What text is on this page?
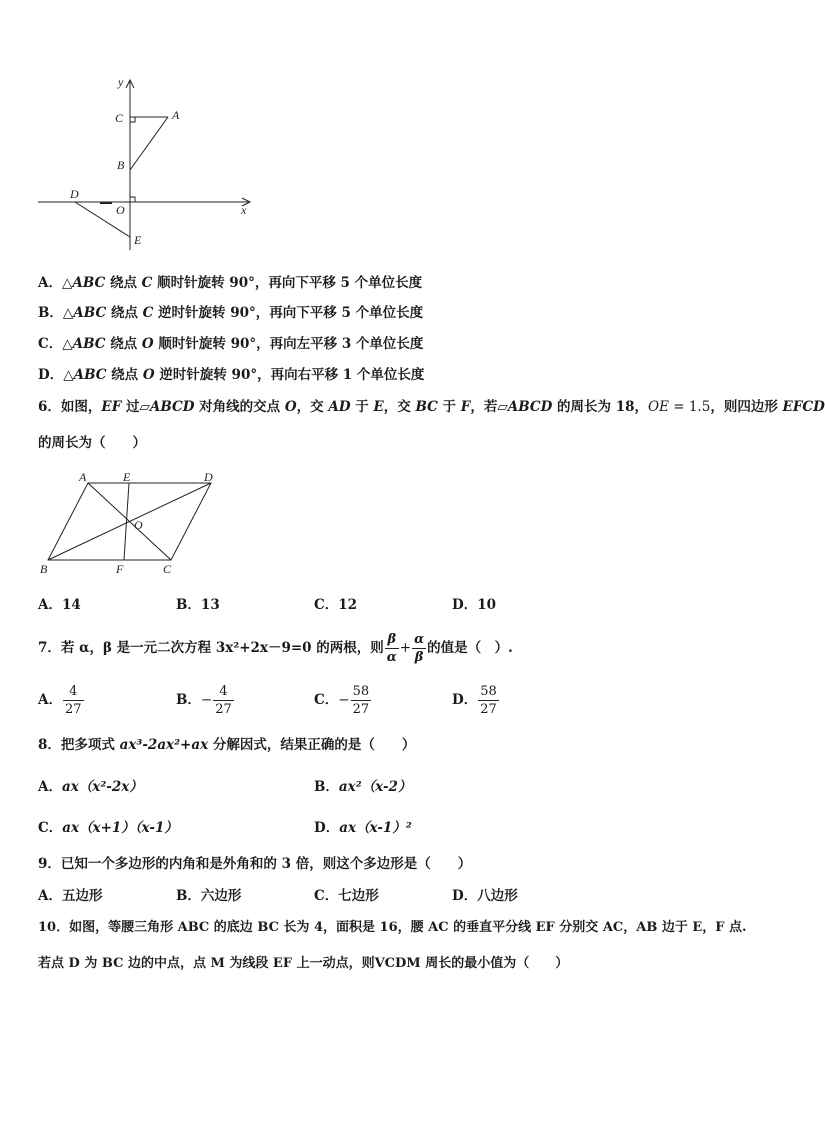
y
C	A
B
D
O	x
E
A．△ABC 绕点 C 顺时针旋转 90°，再向下平移 5 个单位长度
B．△ABC 绕点 C 逆时针旋转 90°，再向下平移 5 个单位长度
C．△ABC 绕点 O 顺时针旋转 90°，再向左平移 3 个单位长度
D．△ABC 绕点 O 逆时针旋转 90°，再向右平移 1 个单位长度
6．如图，EF 过▱ABCD 对角线的交点 O，交 AD 于 E，交 BC 于 F，若▱ABCD 的周长为 18，OE = 1.5，则四边形 EFCD
的周长为（　　）
A	E	D
O
B	F	C
A．14	B．13	C．12	D．10
7．若 α，β 是一元二次方程 3x²+2x－9=0 的两根，则 $\frac{\beta}{\alpha} + \frac{\alpha}{\beta}$ 的值是（　）.
A． $\frac{4}{27}$	B．− $\frac{4}{27}$	C．− $\frac{58}{27}$	D． $\frac{58}{27}$
8．把多项式 ax³-2ax²+ax 分解因式，结果正确的是（　　）
A．ax（x²-2x）	B．ax²（x-2）
C．ax（x+1）（x-1）	D．ax（x-1）²
9．已知一个多边形的内角和是外角和的 3 倍，则这个多边形是（　　）
A．五边形	B．六边形	C．七边形	D．八边形
10．如图，等腰三角形 ABC 的底边 BC 长为 4，面积是 16，腰 AC 的垂直平分线 EF 分别交 AC，AB 边于 E，F 点.
若点 D 为 BC 边的中点，点 M 为线段 EF 上一动点，则VCDM 周长的最小值为（　　）
